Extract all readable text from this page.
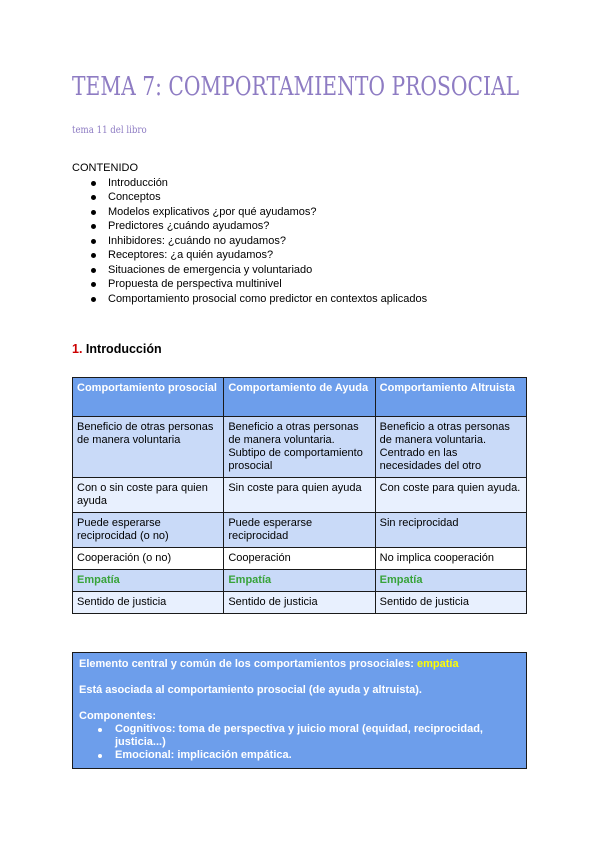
TEMA 7: COMPORTAMIENTO PROSOCIAL
tema 11 del libro
CONTENIDO
Introducción
Conceptos
Modelos explicativos ¿por qué ayudamos?
Predictores ¿cuándo ayudamos?
Inhibidores: ¿cuándo no ayudamos?
Receptores: ¿a quién ayudamos?
Situaciones de emergencia y voluntariado
Propuesta de perspectiva multinivel
Comportamiento prosocial como predictor en contextos aplicados
1. Introducción
Comportamiento prosocial	Comportamiento de Ayuda	Comportamiento Altruista
Beneficio de otras personas de manera voluntaria	Beneficio a otras personas de manera voluntaria. Subtipo de comportamiento prosocial	Beneficio a otras personas de manera voluntaria. Centrado en las necesidades del otro
Con o sin coste para quien ayuda	Sin coste para quien ayuda	Con coste para quien ayuda.
Puede esperarse reciprocidad (o no)	Puede esperarse reciprocidad	Sin reciprocidad
Cooperación (o no)	Cooperación	No implica cooperación
Empatía	Empatía	Empatía
Sentido de justicia	Sentido de justicia	Sentido de justicia

Elemento central y común de los comportamientos prosociales: empatía

Está asociada al comportamiento prosocial (de ayuda y altruista).

Componentes:
Cognitivos: toma de perspectiva y juicio moral (equidad, reciprocidad, justicia...)
Emocional: implicación empática.
